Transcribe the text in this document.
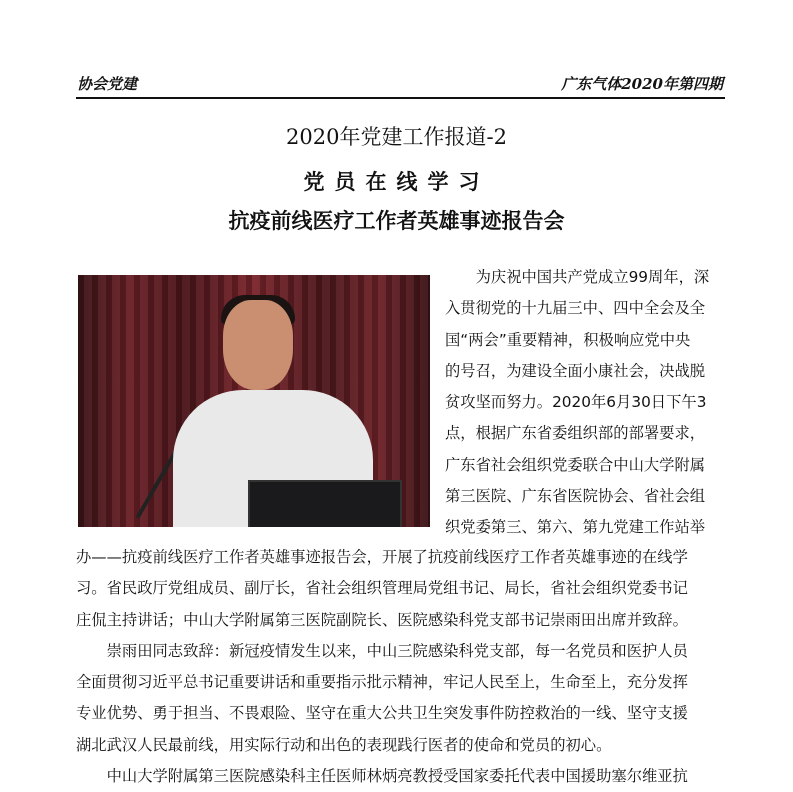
协会党建	广东气体2020年第四期
2020年党建工作报道-2
党员在线学习
抗疫前线医疗工作者英雄事迹报告会
　　为庆祝中国共产党成立99周年，深
入贯彻党的十九届三中、四中全会及全
国“两会”重要精神，积极响应党中央
的号召，为建设全面小康社会，决战脱
贫攻坚而努力。2020年6月30日下午3
点，根据广东省委组织部的部署要求，
广东省社会组织党委联合中山大学附属
第三医院、广东省医院协会、省社会组
织党委第三、第六、第九党建工作站举
办——抗疫前线医疗工作者英雄事迹报告会，开展了抗疫前线医疗工作者英雄事迹的在线学
习。省民政厅党组成员、副厅长，省社会组织管理局党组书记、局长，省社会组织党委书记
庄侃主持讲话；中山大学附属第三医院副院长、医院感染科党支部书记崇雨田出席并致辞。
　　崇雨田同志致辞：新冠疫情发生以来，中山三院感染科党支部，每一名党员和医护人员
全面贯彻习近平总书记重要讲话和重要指示批示精神，牢记人民至上，生命至上，充分发挥
专业优势、勇于担当、不畏艰险、坚守在重大公共卫生突发事件防控救治的一线、坚守支援
湖北武汉人民最前线，用实际行动和出色的表现践行医者的使命和党员的初心。
　　中山大学附属第三医院感染科主任医师林炳亮教授受国家委托代表中国援助塞尔维亚抗
